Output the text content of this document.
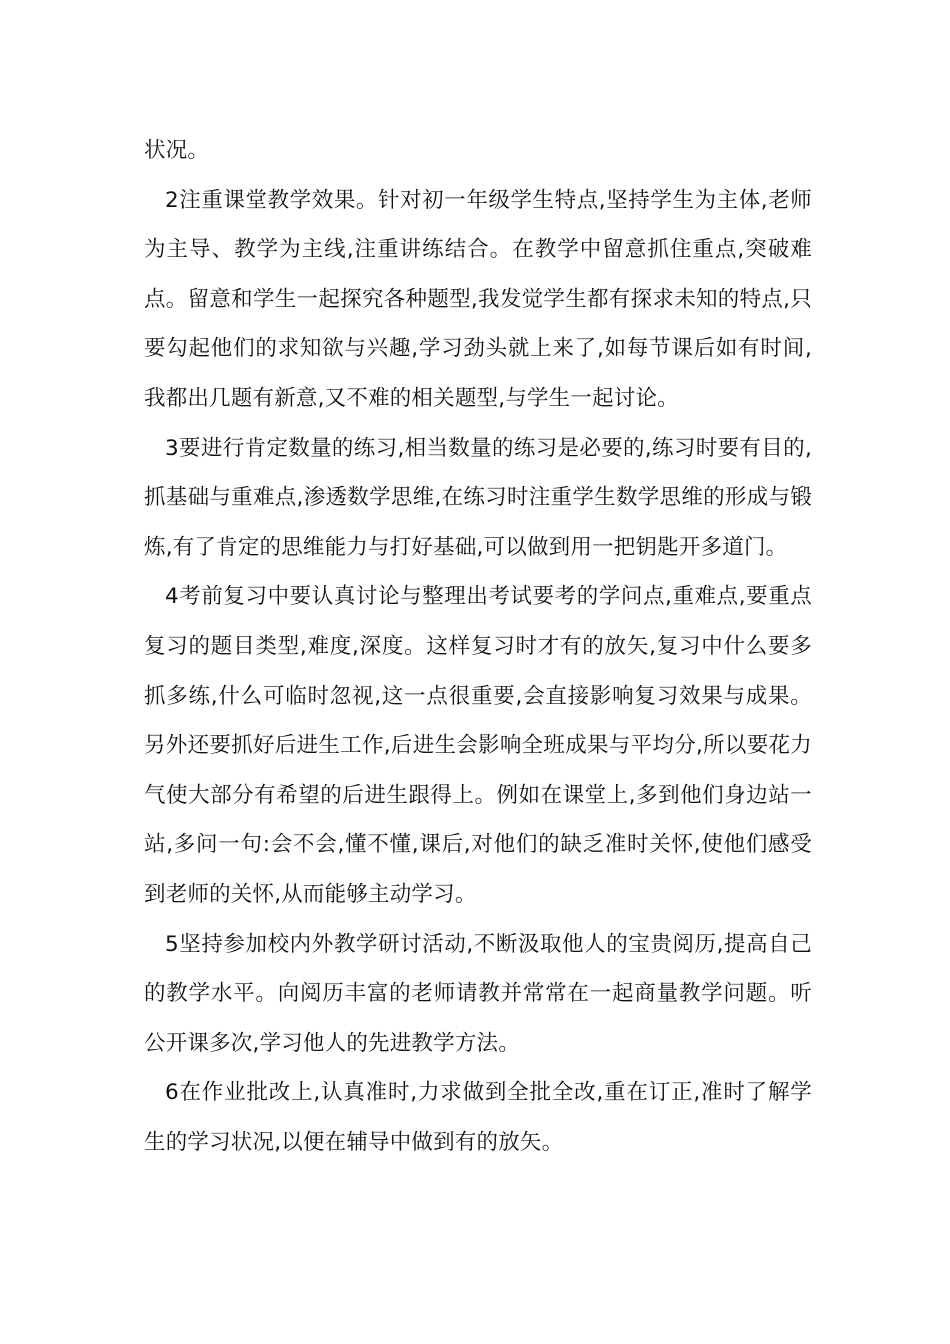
状况。

2注重课堂教学效果。针对初一年级学生特点,坚持学生为主体,老师为主导、教学为主线,注重讲练结合。在教学中留意抓住重点,突破难点。留意和学生一起探究各种题型,我发觉学生都有探求未知的特点,只要勾起他们的求知欲与兴趣,学习劲头就上来了,如每节课后如有时间,我都出几题有新意,又不难的相关题型,与学生一起讨论。

3要进行肯定数量的练习,相当数量的练习是必要的,练习时要有目的,抓基础与重难点,渗透数学思维,在练习时注重学生数学思维的形成与锻炼,有了肯定的思维能力与打好基础,可以做到用一把钥匙开多道门。

4考前复习中要认真讨论与整理出考试要考的学问点,重难点,要重点复习的题目类型,难度,深度。这样复习时才有的放矢,复习中什么要多抓多练,什么可临时忽视,这一点很重要,会直接影响复习效果与成果。另外还要抓好后进生工作,后进生会影响全班成果与平均分,所以要花力气使大部分有希望的后进生跟得上。例如在课堂上,多到他们身边站一站,多问一句:会不会,懂不懂,课后,对他们的缺乏准时关怀,使他们感受到老师的关怀,从而能够主动学习。

5坚持参加校内外教学研讨活动,不断汲取他人的宝贵阅历,提高自己的教学水平。向阅历丰富的老师请教并常常在一起商量教学问题。听公开课多次,学习他人的先进教学方法。

6在作业批改上,认真准时,力求做到全批全改,重在订正,准时了解学生的学习状况,以便在辅导中做到有的放矢。
